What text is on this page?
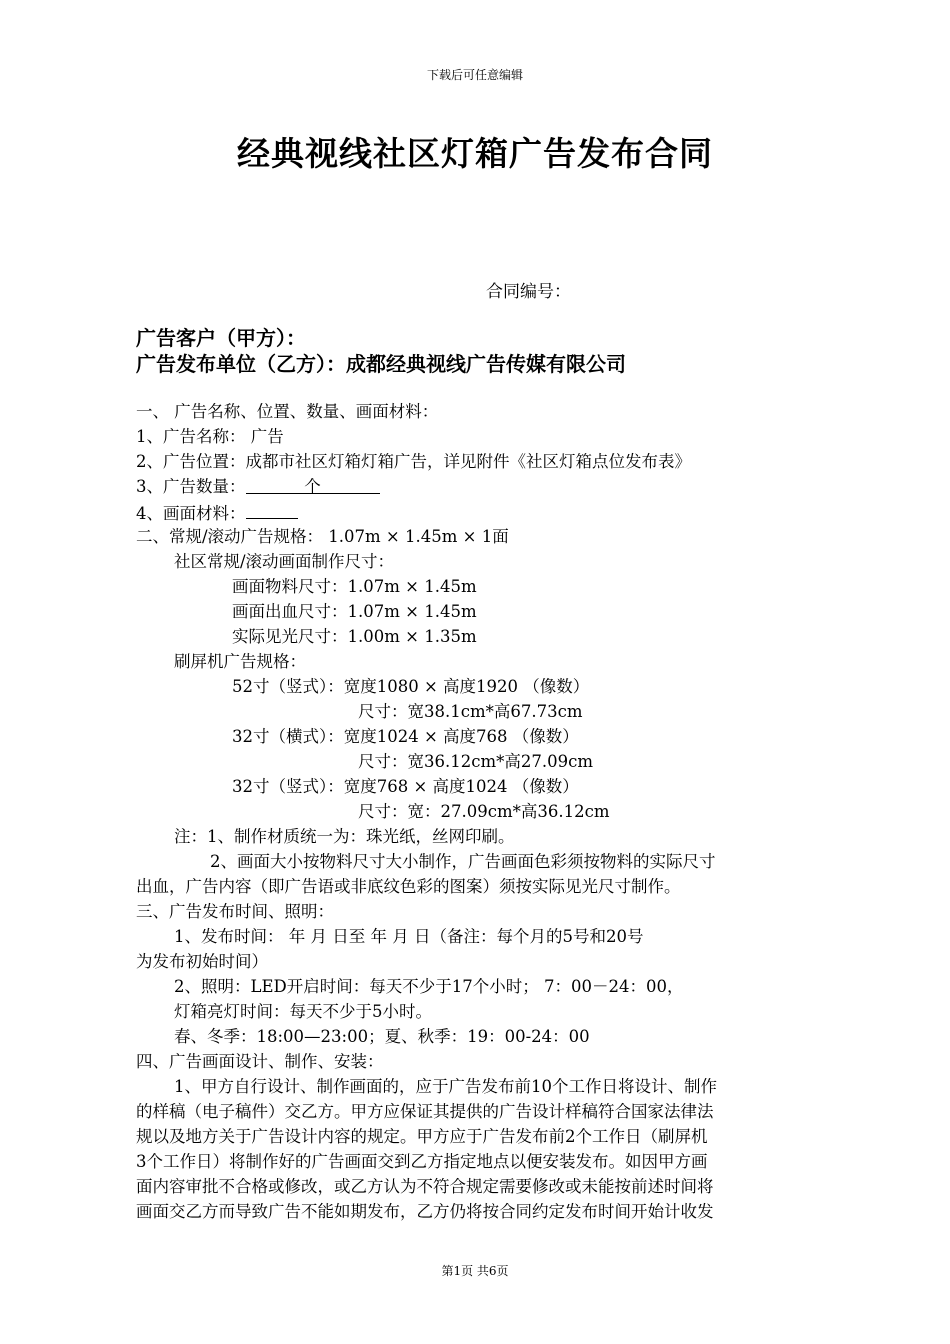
下载后可任意编辑
经典视线社区灯箱广告发布合同
合同编号：
广告客户（甲方）：
广告发布单位（乙方）：成都经典视线广告传媒有限公司
一、 广告名称、位置、数量、画面材料：
1、广告名称： 广告
2、广告位置：成都市社区灯箱灯箱广告，详见附件《社区灯箱点位发布表》
3、广告数量：	个
4、画面材料：
二、常规/滚动广告规格： 1.07m × 1.45m × 1面
社区常规/滚动画面制作尺寸：
画面物料尺寸：1.07m × 1.45m
画面出血尺寸：1.07m × 1.45m
实际见光尺寸：1.00m × 1.35m
刷屏机广告规格：
52寸（竖式）：宽度1080 × 高度1920 （像数）
尺寸：宽38.1cm*高67.73cm
32寸（横式）：宽度1024 × 高度768 （像数）
尺寸：宽36.12cm*高27.09cm
32寸（竖式）：宽度768 × 高度1024 （像数）
尺寸：宽：27.09cm*高36.12cm
注：1、制作材质统一为：珠光纸，丝网印刷。
2、画面大小按物料尺寸大小制作，广告画面色彩须按物料的实际尺寸
出血，广告内容（即广告语或非底纹色彩的图案）须按实际见光尺寸制作。
三、广告发布时间、照明：
1、发布时间： 年 月 日至 年 月 日（备注：每个月的5号和20号
为发布初始时间）
2、照明：LED开启时间：每天不少于17个小时； 7：00－24：00，
灯箱亮灯时间：每天不少于5小时。
春、冬季：18:00—23:00；夏、秋季：19：00-24：00
四、广告画面设计、制作、安装：
1、甲方自行设计、制作画面的，应于广告发布前10个工作日将设计、制作
的样稿（电子稿件）交乙方。甲方应保证其提供的广告设计样稿符合国家法律法
规以及地方关于广告设计内容的规定。甲方应于广告发布前2个工作日（刷屏机
3个工作日）将制作好的广告画面交到乙方指定地点以便安装发布。如因甲方画
面内容审批不合格或修改，或乙方认为不符合规定需要修改或未能按前述时间将
画面交乙方而导致广告不能如期发布，乙方仍将按合同约定发布时间开始计收发
第1页 共6页
